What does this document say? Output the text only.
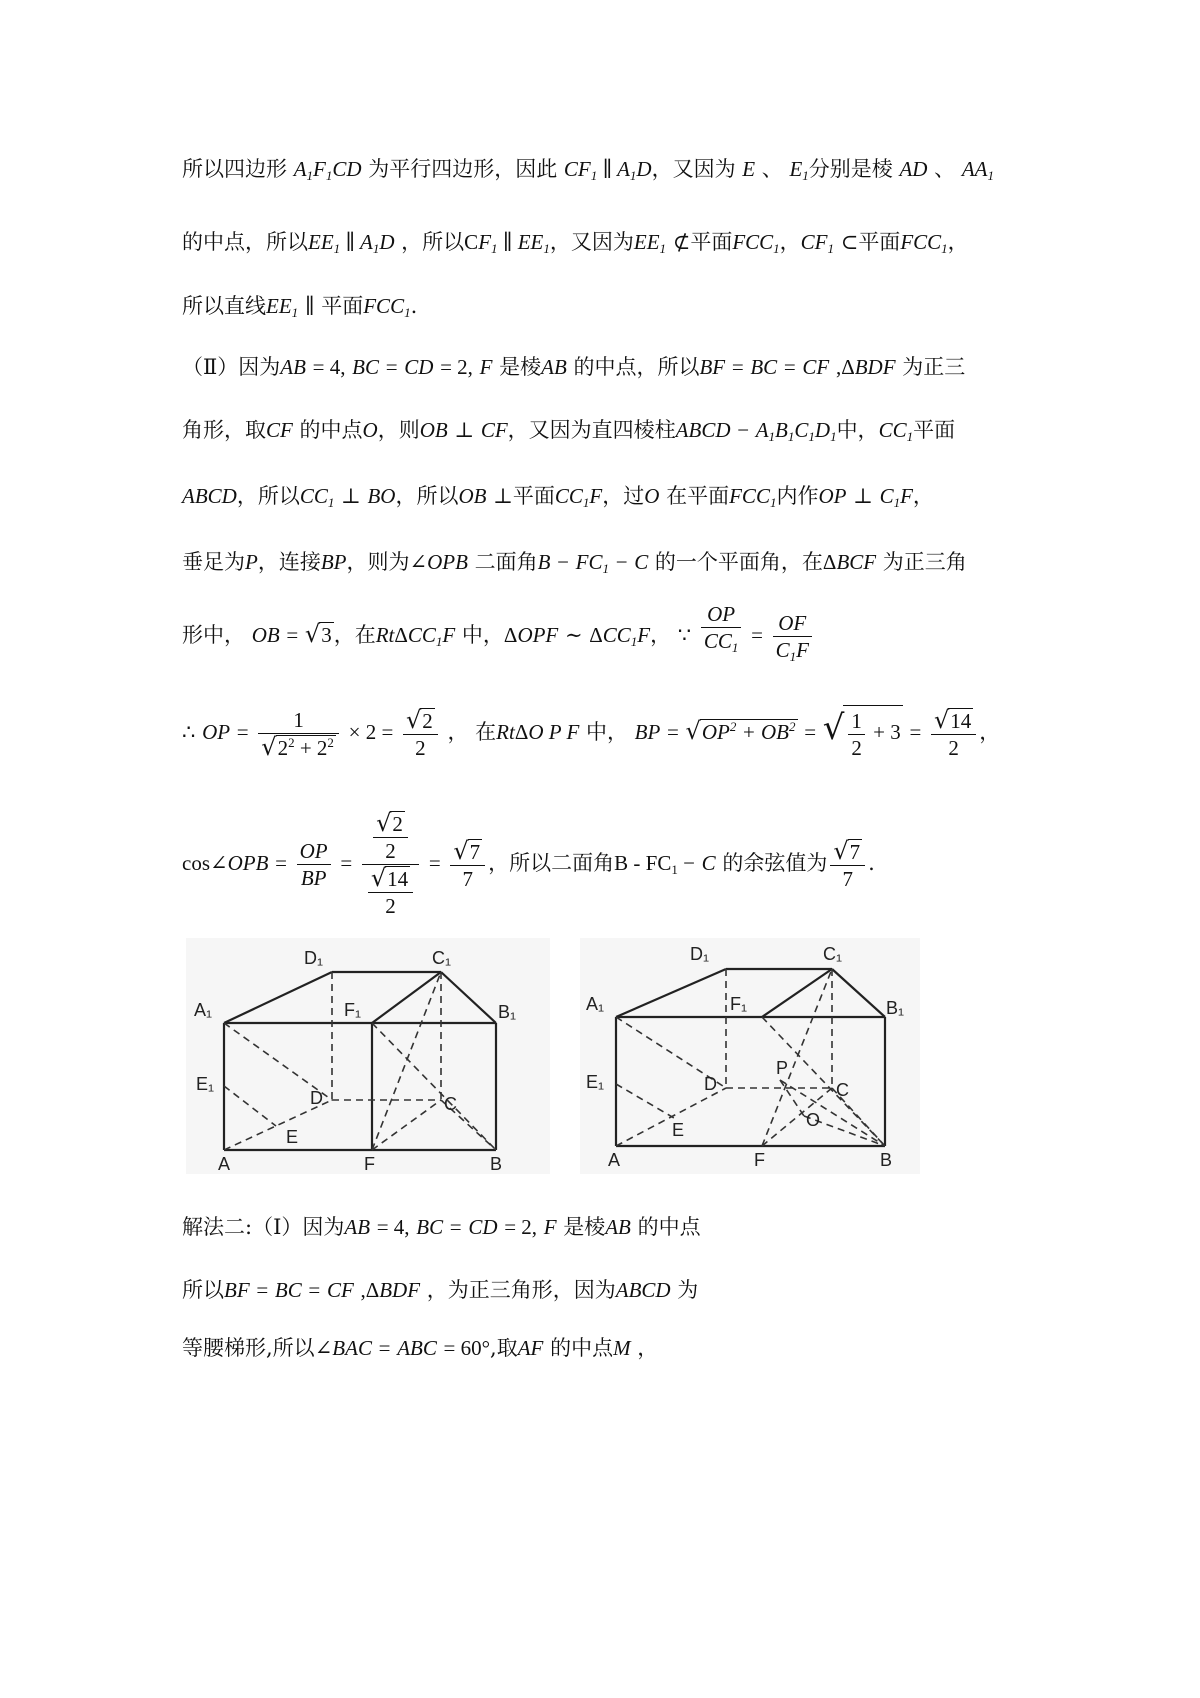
所以四边形 $A_1F_1CD$ 为平行四边形，因此 $CF_1$ ∥ $A_1D$，又因为 E 、 $E_1$分别是棱 AD 、 $AA_1$
的中点，所以$EE_1$ ∥ $A_1D$ ，所以$CF_1$ ∥ $EE_1$，又因为$EE_1$ ⊄平面$FCC_1$，$CF_1$ ⊂平面$FCC_1$，
所以直线$EE_1$ ∥ 平面$FCC_1$.
（Ⅱ）因为AB = 4, BC = CD = 2, F 是棱AB 的中点，所以BF = BC = CF ,ΔBDF 为正三
角形，取CF 的中点O，则OB ⊥ CF，又因为直四棱柱ABCD − $A_1B_1C_1D_1$中，$CC_1$平面
ABCD，所以$CC_1$ ⊥ BO，所以OB ⊥平面$CC_1F$，过O 在平面$FCC_1$内作OP ⊥ $C_1F$，
垂足为P，连接BP，则为∠OPB 二面角$B - FC_1 - C$ 的一个平面角，在ΔBCF 为正三角
形中， OB = √3，在RtΔCC$_1$F 中，ΔOPF ∼ $\Delta CC_1F$， ∵ $\frac{OP}{CC_1} = \frac{OF}{C_1F}$
∴ OP = $\frac{1}{√2^2 + 2^2} \times 2 = \frac{√2}{2}$ ， 在RtΔO P F 中， BP = $√OP^2 + OB^2$ = √ $\frac{1}{2} + 3 = \frac{√14}{2}$ ，
cos∠OPB = $\frac{OP}{BP} = \frac{\frac{√2}{2}}{\frac{√14}{2}} = \frac{√7}{7}$ ，所以二面角$B - FC_1 - C$ 的余弦值为 $\frac{√7}{7}$ .
D₁	C₁
A₁	F₁	B₁
E₁
D	C
E
A	F	B
D₁	C₁
A₁	F₁	B₁
E₁	D
P
C
O
E
A	F	B
解法二:（Ⅰ）因为AB = 4, BC = CD = 2, F 是棱AB 的中点
所以BF = BC = CF ,ΔBDF ，为正三角形，因为ABCD 为
等腰梯形,所以∠BAC = ABC = 60°,取AF 的中点M ，
